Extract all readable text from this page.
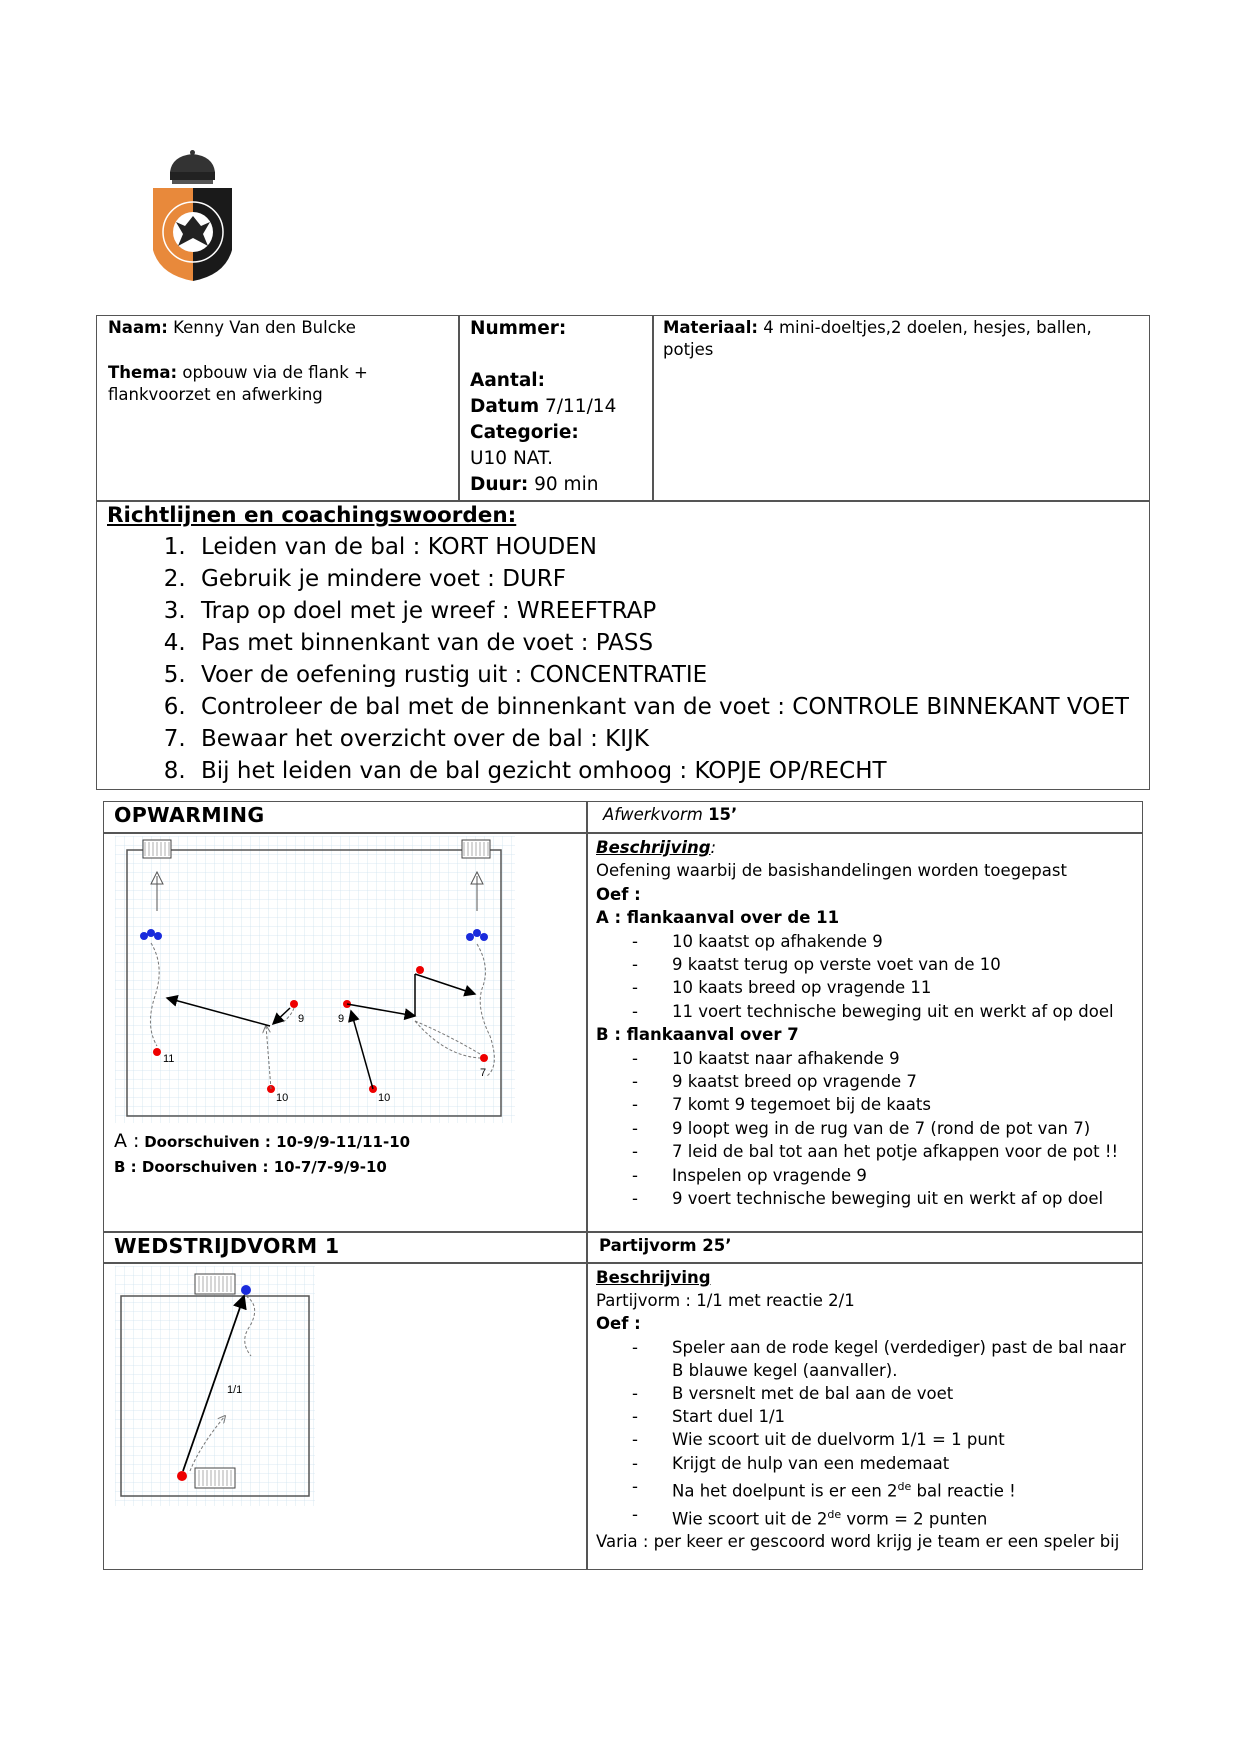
Naam: Kenny Van den Bulcke
Thema: opbouw via de flank + flankvoorzet en afwerking
Nummer:
Aantal:
Datum 7/11/14
Categorie:
U10 NAT.
Duur: 90 min
Materiaal: 4 mini-doeltjes,2 doelen, hesjes, ballen, potjes
Richtlijnen en coachingswoorden:
1. Leiden van de bal : KORT HOUDEN
2. Gebruik je mindere voet : DURF
3. Trap op doel met je wreef : WREEFTRAP
4. Pas met binnenkant van de voet : PASS
5. Voer de oefening rustig uit : CONCENTRATIE
6. Controleer de bal met de binnenkant van de voet : CONTROLE BINNEKANT VOET
7. Bewaar het overzicht over de bal : KIJK
8. Bij het leiden van de bal gezicht omhoog : KOPJE OP/RECHT
OPWARMING	Afwerkvorm 15’
11
9
10
9
10
7
A : Doorschuiven : 10-9/9-11/11-10
B : Doorschuiven : 10-7/7-9/9-10
Beschrijving:
Oefening waarbij de basishandelingen worden toegepast
Oef :
A : flankaanval over de 11
- 10 kaatst op afhakende 9
- 9 kaatst terug op verste voet van de 10
- 10 kaats breed op vragende 11
- 11 voert technische beweging uit en werkt af op doel
B : flankaanval over 7
- 10 kaatst naar afhakende 9
- 9 kaatst breed op vragende 7
- 7 komt 9 tegemoet bij de kaats
- 9 loopt weg in de rug van de 7 (rond de pot van 7)
- 7 leid de bal tot aan het potje afkappen voor de pot !!
- Inspelen op vragende 9
- 9 voert technische beweging uit en werkt af op doel
WEDSTRIJDVORM 1	Partijvorm 25’
1/1
Beschrijving
Partijvorm : 1/1 met reactie 2/1
Oef :
- Speler aan de rode kegel (verdediger) past de bal naar B blauwe kegel (aanvaller).
- B versnelt met de bal aan de voet
- Start duel 1/1
- Wie scoort uit de duelvorm 1/1 = 1 punt
- Krijgt de hulp van een medemaat
- Na het doelpunt is er een 2de bal reactie !
- Wie scoort uit de 2de vorm = 2 punten
Varia : per keer er gescoord word krijg je team er een speler bij
